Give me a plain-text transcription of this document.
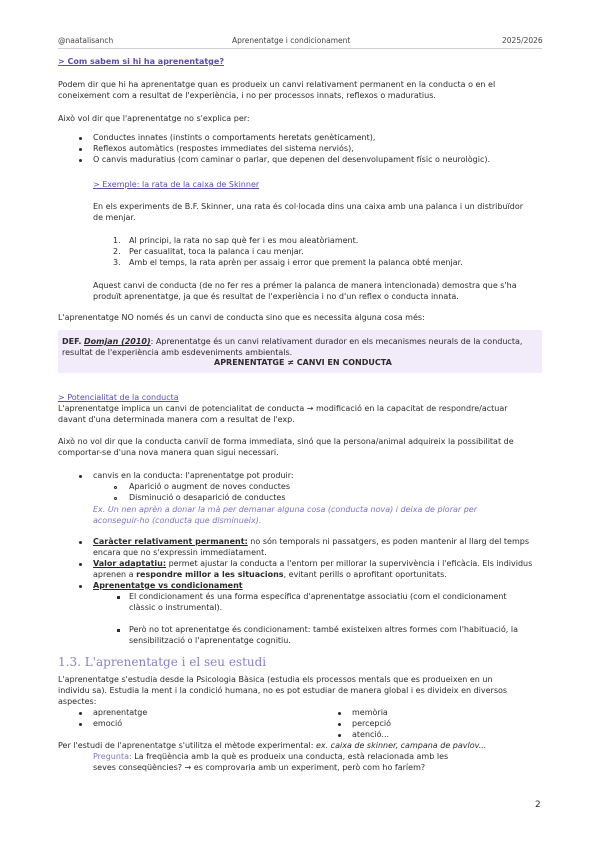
@naatalisanch	Aprenentatge i condicionament	2025/2026
> Com sabem si hi ha aprenentatge?
Podem dir que hi ha aprenentatge quan es produeix un canvi relativament permanent en la conducta o en el
coneixement com a resultat de l'experiència, i no per processos innats, reflexos o maduratius.
Això vol dir que l'aprenentatge no s'explica per:
Conductes innates (instints o comportaments heretats genèticament),
Reflexos automàtics (respostes immediates del sistema nerviós),
O canvis maduratius (com caminar o parlar, que depenen del desenvolupament físic o neurològic).
> Exemple: la rata de la caixa de Skinner
En els experiments de B.F. Skinner, una rata és col·locada dins una caixa amb una palanca i un distribuïdor
de menjar.
1. Al principi, la rata no sap què fer i es mou aleatòriament.
2. Per casualitat, toca la palanca i cau menjar.
3. Amb el temps, la rata aprèn per assaig i error que prement la palanca obté menjar.
Aquest canvi de conducta (de no fer res a prémer la palanca de manera intencionada) demostra que s'ha
produït aprenentatge, ja que és resultat de l'experiència i no d'un reflex o conducta innata.
L'aprenentatge NO només és un canvi de conducta sino que es necessita alguna cosa més:
DEF. Domjan (2010): Aprenentatge és un canvi relativament durador en els mecanismes neurals de la conducta,
resultat de l'experiència amb esdeveniments ambientals.
APRENENTATGE ≠ CANVI EN CONDUCTA
> Potencialitat de la conducta
L'aprenentatge implica un canvi de potencialitat de conducta → modificació en la capacitat de respondre/actuar
davant d'una determinada manera com a resultat de l'exp.
Això no vol dir que la conducta canviï de forma immediata, sinó que la persona/animal adquireix la possibilitat de
comportar-se d'una nova manera quan sigui necessari.
canvis en la conducta: l'aprenentatge pot produir:
Aparició o augment de noves conductes
Disminució o desaparició de conductes
Ex. Un nen aprèn a donar la mà per demanar alguna cosa (conducta nova) i deixa de plorar per
aconseguir-ho (conducta que disminueix).
Caràcter relativament permanent: no són temporals ni passatgers, es poden mantenir al llarg del temps
encara que no s'expressin immediatament.
Valor adaptatiu: permet ajustar la conducta a l'entorn per millorar la supervivència i l'eficàcia. Els individus
aprenen a respondre millor a les situacions, evitant perills o aprofitant oportunitats.
Aprenentatge vs condicionament
El condicionament és una forma específica d'aprenentatge associatiu (com el condicionament
clàssic o instrumental).
Però no tot aprenentatge és condicionament: també existeixen altres formes com l'habituació, la
sensibilització o l'aprenentatge cognitiu.
1.3. L'aprenentatge i el seu estudi
L'aprenentatge s'estudia desde la Psicologia Bàsica (estudia els processos mentals que es produeixen en un
individu sa). Estudia la ment i la condició humana, no es pot estudiar de manera global i es divideix en diversos
aspectes:
aprenentatge
emoció
memòria
percepció
atenció...
Per l'estudi de l'aprenentatge s'utilitza el mètode experimental: ex. caixa de skinner, campana de pavlov...
Pregunta: La freqüència amb la què es produeix una conducta, està relacionada amb les
seves conseqüències? → es comprovaria amb un experiment, però com ho faríem?
2
